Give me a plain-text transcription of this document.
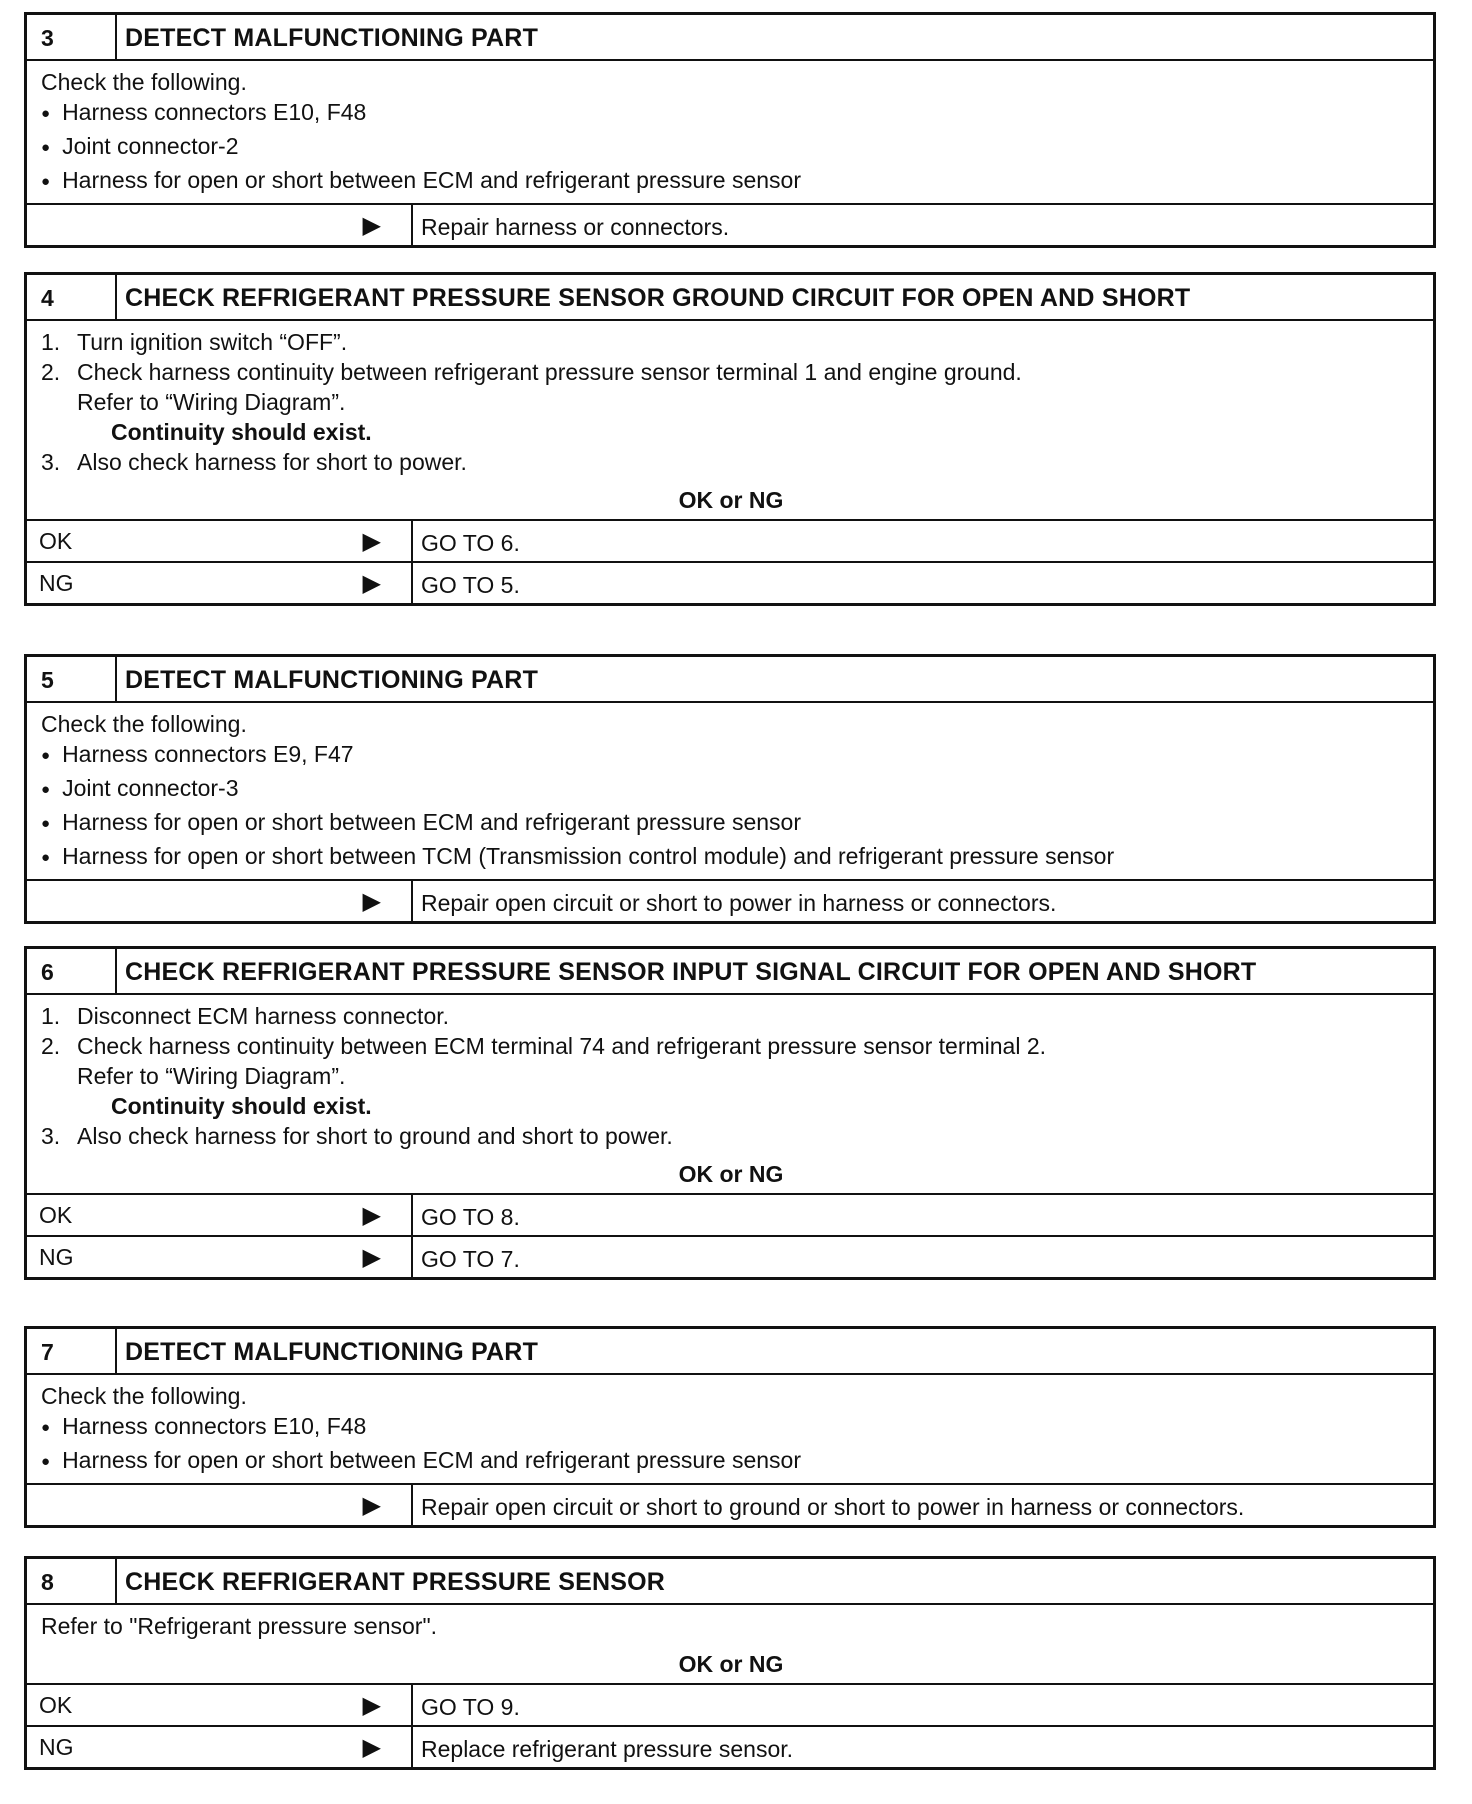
3	DETECT MALFUNCTIONING PART
Check the following.
● Harness connectors E10, F48
● Joint connector-2
● Harness for open or short between ECM and refrigerant pressure sensor
▶	Repair harness or connectors.
4	CHECK REFRIGERANT PRESSURE SENSOR GROUND CIRCUIT FOR OPEN AND SHORT
1. Turn ignition switch “OFF”.
2. Check harness continuity between refrigerant pressure sensor terminal 1 and engine ground.
Refer to “Wiring Diagram”.
Continuity should exist.
3. Also check harness for short to power.
OK or NG
OK	▶	GO TO 6.
NG	▶	GO TO 5.
5	DETECT MALFUNCTIONING PART
Check the following.
● Harness connectors E9, F47
● Joint connector-3
● Harness for open or short between ECM and refrigerant pressure sensor
● Harness for open or short between TCM (Transmission control module) and refrigerant pressure sensor
▶	Repair open circuit or short to power in harness or connectors.
6	CHECK REFRIGERANT PRESSURE SENSOR INPUT SIGNAL CIRCUIT FOR OPEN AND SHORT
1. Disconnect ECM harness connector.
2. Check harness continuity between ECM terminal 74 and refrigerant pressure sensor terminal 2.
Refer to “Wiring Diagram”.
Continuity should exist.
3. Also check harness for short to ground and short to power.
OK or NG
OK	▶	GO TO 8.
NG	▶	GO TO 7.
7	DETECT MALFUNCTIONING PART
Check the following.
● Harness connectors E10, F48
● Harness for open or short between ECM and refrigerant pressure sensor
▶	Repair open circuit or short to ground or short to power in harness or connectors.
8	CHECK REFRIGERANT PRESSURE SENSOR
Refer to "Refrigerant pressure sensor".
OK or NG
OK	▶	GO TO 9.
NG	▶	Replace refrigerant pressure sensor.
